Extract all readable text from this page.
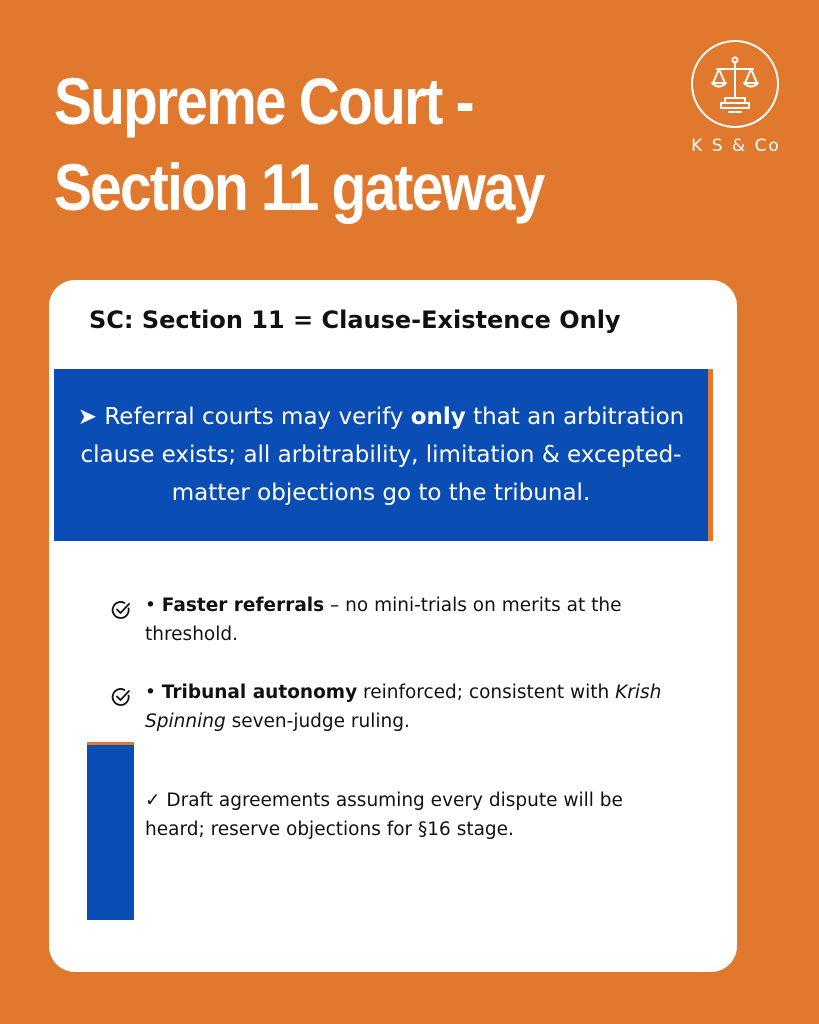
Supreme Court -
Section 11 gateway
K S & Co
SC: Section 11 = Clause-Existence Only

➤ Referral courts may verify only that an arbitration clause exists; all arbitrability, limitation & excepted-matter objections go to the tribunal.

• Faster referrals – no mini-trials on merits at the threshold.

• Tribunal autonomy reinforced; consistent with Krish Spinning seven-judge ruling.

✓ Draft agreements assuming every dispute will be heard; reserve objections for §16 stage.
